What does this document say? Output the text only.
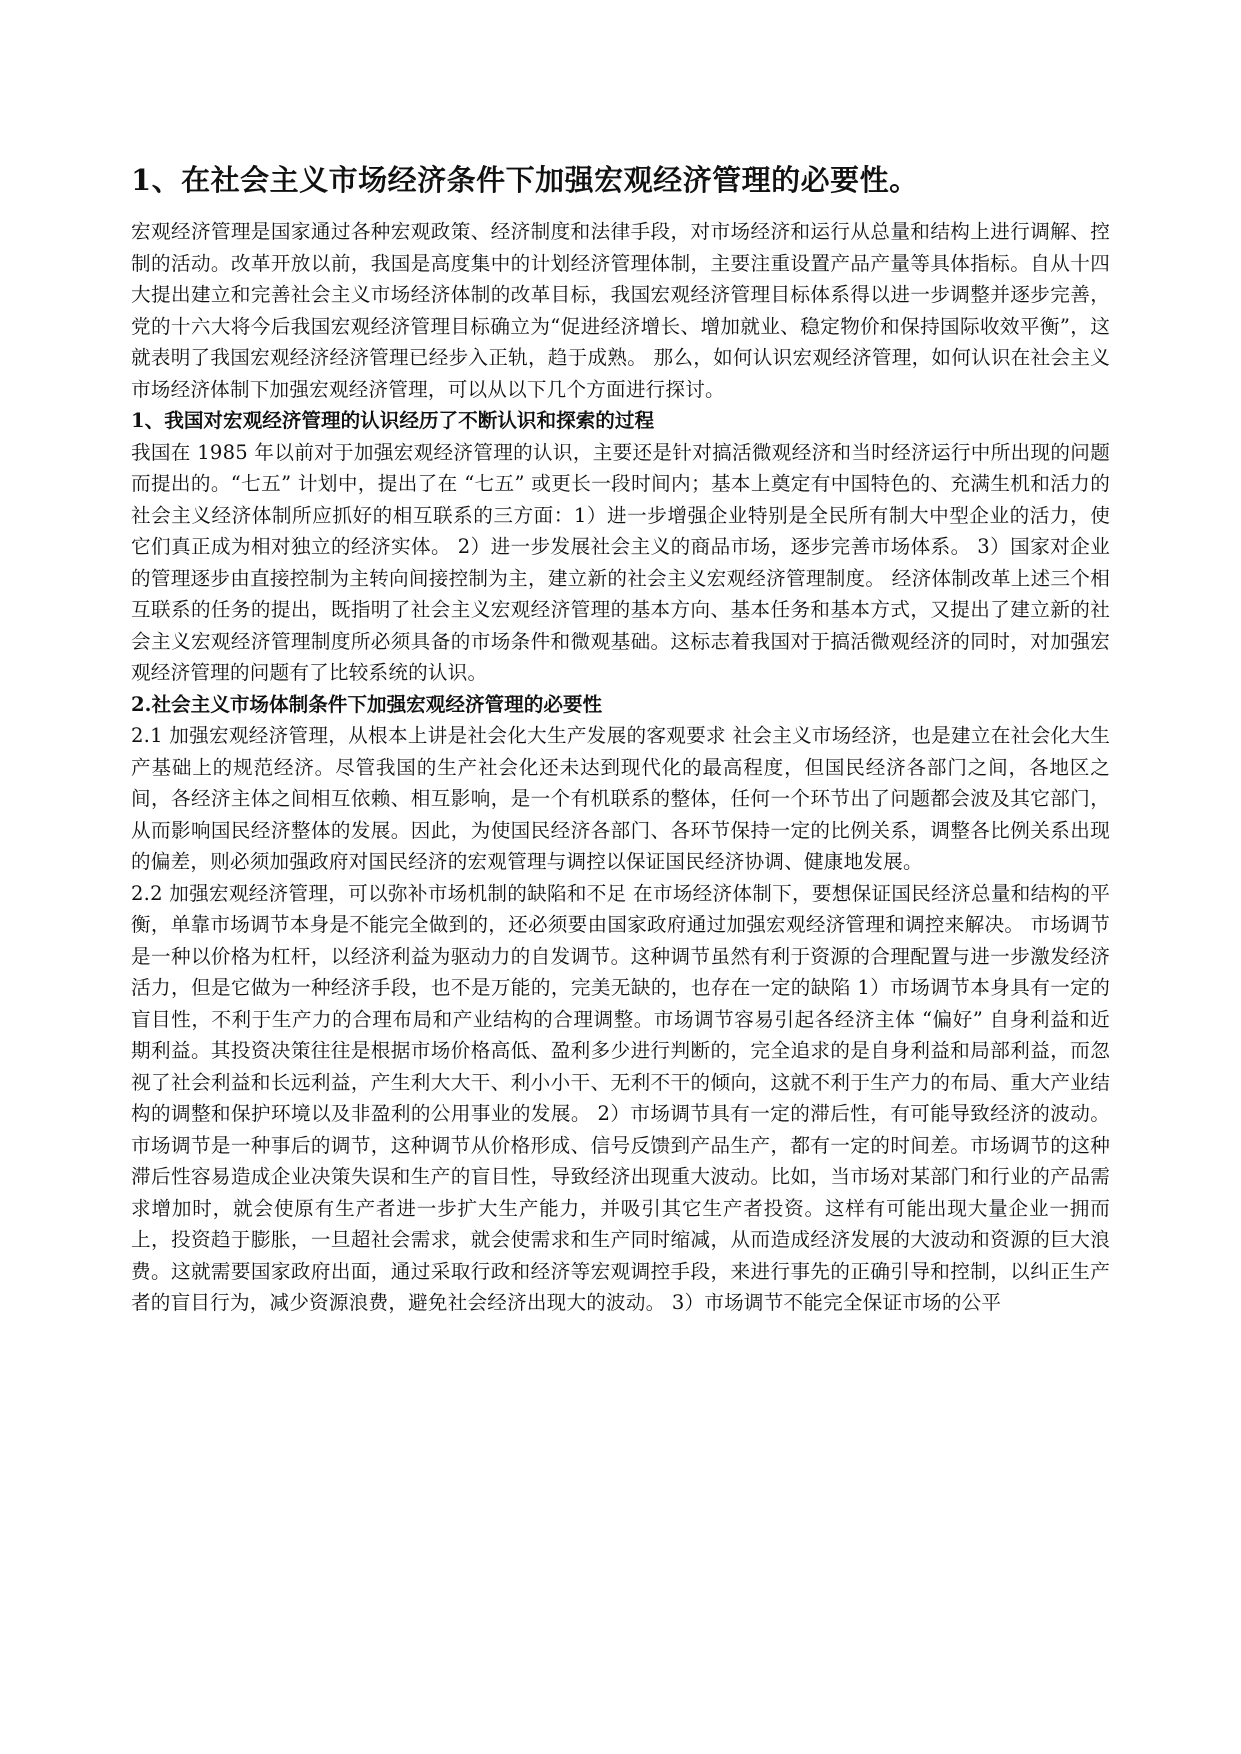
1、在社会主义市场经济条件下加强宏观经济管理的必要性。

宏观经济管理是国家通过各种宏观政策、经济制度和法律手段，对市场经济和运行从总量和结构上进行调解、控制的活动。改革开放以前，我国是高度集中的计划经济管理体制，主要注重设置产品产量等具体指标。自从十四大提出建立和完善社会主义市场经济体制的改革目标，我国宏观经济管理目标体系得以进一步调整并逐步完善，党的十六大将今后我国宏观经济管理目标确立为“促进经济增长、增加就业、稳定物价和保持国际收效平衡”，这就表明了我国宏观经济经济管理已经步入正轨，趋于成熟。 那么，如何认识宏观经济管理，如何认识在社会主义市场经济体制下加强宏观经济管理，可以从以下几个方面进行探讨。

1、我国对宏观经济管理的认识经历了不断认识和探索的过程

我国在 1985 年以前对于加强宏观经济管理的认识，主要还是针对搞活微观经济和当时经济运行中所出现的问题而提出的。“七五” 计划中，提出了在 “七五” 或更长一段时间内；基本上奠定有中国特色的、充满生机和活力的社会主义经济体制所应抓好的相互联系的三方面：1）进一步增强企业特别是全民所有制大中型企业的活力，使它们真正成为相对独立的经济实体。 2）进一步发展社会主义的商品市场，逐步完善市场体系。 3）国家对企业的管理逐步由直接控制为主转向间接控制为主，建立新的社会主义宏观经济管理制度。 经济体制改革上述三个相互联系的任务的提出，既指明了社会主义宏观经济管理的基本方向、基本任务和基本方式，又提出了建立新的社会主义宏观经济管理制度所必须具备的市场条件和微观基础。这标志着我国对于搞活微观经济的同时，对加强宏观经济管理的问题有了比较系统的认识。

2.社会主义市场体制条件下加强宏观经济管理的必要性

2.1 加强宏观经济管理，从根本上讲是社会化大生产发展的客观要求 社会主义市场经济，也是建立在社会化大生产基础上的规范经济。尽管我国的生产社会化还未达到现代化的最高程度，但国民经济各部门之间，各地区之间，各经济主体之间相互依赖、相互影响，是一个有机联系的整体，任何一个环节出了问题都会波及其它部门，从而影响国民经济整体的发展。因此，为使国民经济各部门、各环节保持一定的比例关系，调整各比例关系出现的偏差，则必须加强政府对国民经济的宏观管理与调控以保证国民经济协调、健康地发展。

2.2 加强宏观经济管理，可以弥补市场机制的缺陷和不足 在市场经济体制下，要想保证国民经济总量和结构的平衡，单靠市场调节本身是不能完全做到的，还必须要由国家政府通过加强宏观经济管理和调控来解决。 市场调节是一种以价格为杠杆，以经济利益为驱动力的自发调节。这种调节虽然有利于资源的合理配置与进一步激发经济活力，但是它做为一种经济手段，也不是万能的，完美无缺的，也存在一定的缺陷 1）市场调节本身具有一定的盲目性，不利于生产力的合理布局和产业结构的合理调整。市场调节容易引起各经济主体 “偏好” 自身利益和近期利益。其投资决策往往是根据市场价格高低、盈利多少进行判断的，完全追求的是自身利益和局部利益，而忽视了社会利益和长远利益，产生利大大干、利小小干、无利不干的倾向，这就不利于生产力的布局、重大产业结构的调整和保护环境以及非盈利的公用事业的发展。 2）市场调节具有一定的滞后性，有可能导致经济的波动。市场调节是一种事后的调节，这种调节从价格形成、信号反馈到产品生产，都有一定的时间差。市场调节的这种滞后性容易造成企业决策失误和生产的盲目性，导致经济出现重大波动。比如，当市场对某部门和行业的产品需求增加时，就会使原有生产者进一步扩大生产能力，并吸引其它生产者投资。这样有可能出现大量企业一拥而上，投资趋于膨胀，一旦超社会需求，就会使需求和生产同时缩减，从而造成经济发展的大波动和资源的巨大浪费。这就需要国家政府出面，通过采取行政和经济等宏观调控手段，来进行事先的正确引导和控制，以纠正生产者的盲目行为，减少资源浪费，避免社会经济出现大的波动。 3）市场调节不能完全保证市场的公平
